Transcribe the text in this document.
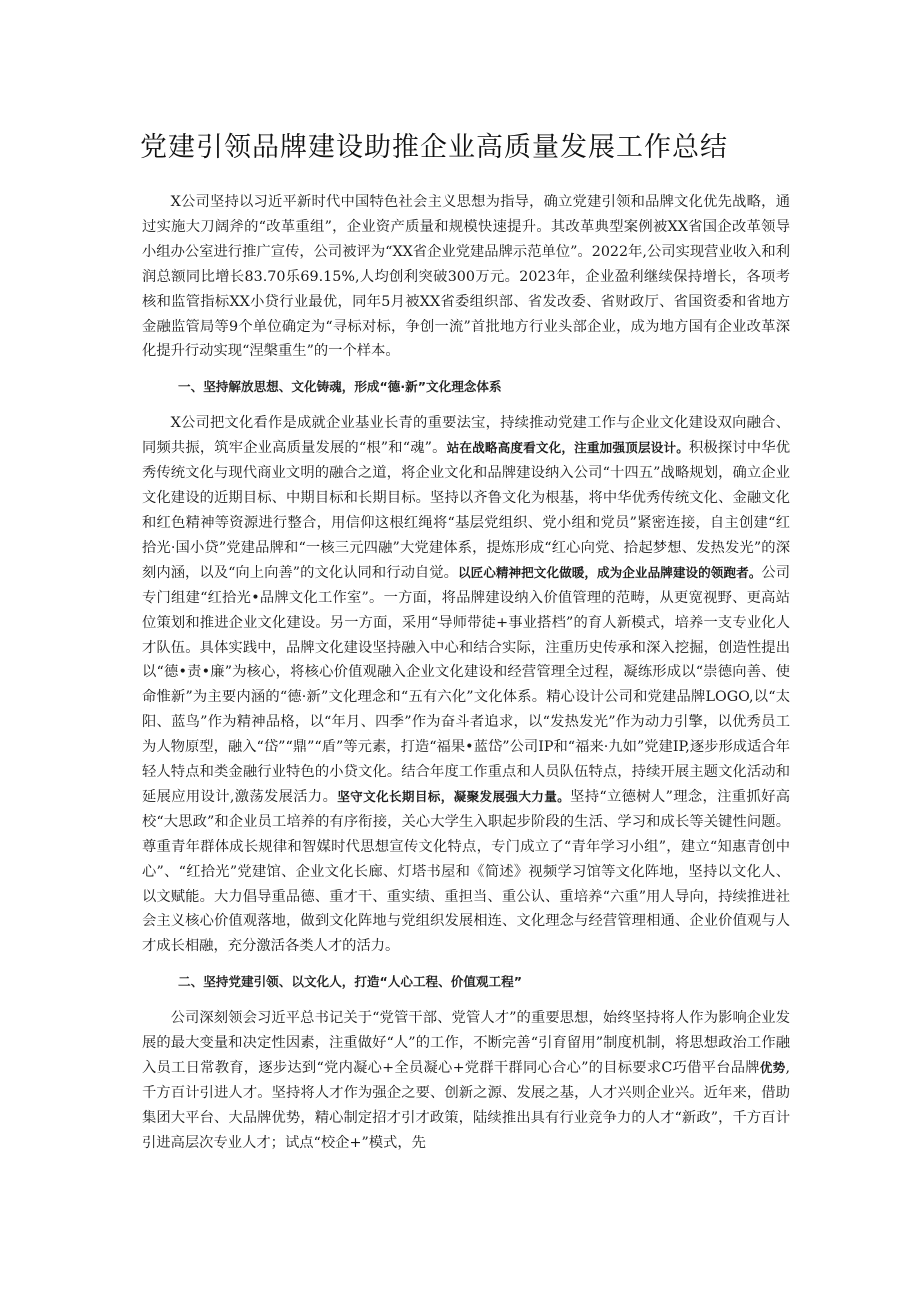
党建引领品牌建设助推企业高质量发展工作总结

X公司坚持以习近平新时代中国特色社会主义思想为指导，确立党建引领和品牌文化优先战略，通过实施大刀阔斧的“改革重组”，企业资产质量和规模快速提升。其改革典型案例被XX省国企改革领导小组办公室进行推广宣传，公司被评为“XX省企业党建品牌示范单位”。2022年,公司实现营业收入和利润总额同比增长83.70乐69.15%,人均创利突破300万元。2023年，企业盈利继续保持增长，各项考核和监管指标XX小贷行业最优，同年5月被XX省委组织部、省发改委、省财政厅、省国资委和省地方金融监管局等9个单位确定为“寻标对标，争创一流”首批地方行业头部企业，成为地方国有企业改革深化提升行动实现“涅槃重生”的一个样本。

一、坚持解放思想、文化铸魂，形成“德·新”文化理念体系

X公司把文化看作是成就企业基业长青的重要法宝，持续推动党建工作与企业文化建设双向融合、同频共振，筑牢企业高质量发展的“根”和“魂”。站在战略高度看文化，注重加强顶层设计。积极探讨中华优秀传统文化与现代商业文明的融合之道，将企业文化和品牌建设纳入公司“十四五”战略规划，确立企业文化建设的近期目标、中期目标和长期目标。坚持以齐鲁文化为根基，将中华优秀传统文化、金融文化和红色精神等资源进行整合，用信仰这根红绳将“基层党组织、党小组和党员”紧密连接，自主创建“红拾光·国小贷”党建品牌和“一核三元四融”大党建体系，提炼形成“红心向党、拾起梦想、发热发光”的深刻内涵，以及“向上向善”的文化认同和行动自觉。以匠心精神把文化做暖，成为企业品牌建设的领跑者。公司专门组建“红拾光•品牌文化工作室”。一方面，将品牌建设纳入价值管理的范畴，从更宽视野、更高站位策划和推进企业文化建设。另一方面，采用“导师带徒+事业搭档”的育人新模式，培养一支专业化人才队伍。具体实践中，品牌文化建设坚持融入中心和结合实际，注重历史传承和深入挖掘，创造性提出以“德•责•廉”为核心，将核心价值观融入企业文化建设和经营管理全过程，凝练形成以“崇德向善、使命惟新”为主要内涵的“德·新”文化理念和“五有六化”文化体系。精心设计公司和党建品牌LOGO,以“太阳、蓝鸟”作为精神品格，以“年月、四季”作为奋斗者追求，以“发热发光”作为动力引擎，以优秀员工为人物原型，融入“岱”“鼎”“盾”等元素，打造“福果•蓝岱”公司IP和“福来·九如”党建IP,逐步形成适合年轻人特点和类金融行业特色的小贷文化。结合年度工作重点和人员队伍特点，持续开展主题文化活动和延展应用设计,激荡发展活力。坚守文化长期目标，凝聚发展强大力量。坚持“立德树人”理念，注重抓好高校“大思政”和企业员工培养的有序衔接，关心大学生入职起步阶段的生活、学习和成长等关键性问题。尊重青年群体成长规律和智媒时代思想宣传文化特点，专门成立了“青年学习小组”，建立“知惠青创中心”、“红拾光”党建馆、企业文化长廊、灯塔书屋和《简述》视频学习馆等文化阵地，坚持以文化人、以文赋能。大力倡导重品德、重才干、重实绩、重担当、重公认、重培养“六重”用人导向，持续推进社会主义核心价值观落地，做到文化阵地与党组织发展相连、文化理念与经营管理相通、企业价值观与人才成长相融，充分激活各类人才的活力。

二、坚持党建引领、以文化人，打造“人心工程、价值观工程”

公司深刻领会习近平总书记关于“党管干部、党管人才”的重要思想，始终坚持将人作为影响企业发展的最大变量和决定性因素，注重做好“人”的工作，不断完善“引育留用”制度机制，将思想政治工作融入员工日常教育，逐步达到“党内凝心+全员凝心+党群干群同心合心”的目标要求C巧借平台品牌优势,千方百计引进人才。坚持将人才作为强企之要、创新之源、发展之基，人才兴则企业兴。近年来，借助集团大平台、大品牌优势，精心制定招才引才政策，陆续推出具有行业竞争力的人才“新政”，千方百计引进高层次专业人才；试点“校企+”模式，先
